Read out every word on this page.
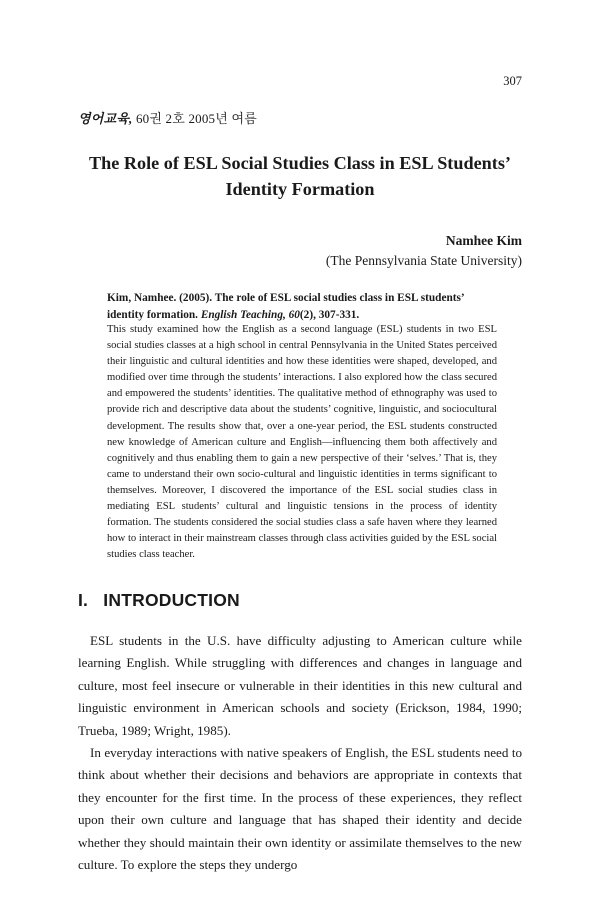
307
영어교육, 60권 2호 2005년 여름
The Role of ESL Social Studies Class in ESL Students’ Identity Formation
Namhee Kim
(The Pennsylvania State University)
Kim, Namhee. (2005). The role of ESL social studies class in ESL students’ identity formation. English Teaching, 60(2), 307-331.
This study examined how the English as a second language (ESL) students in two ESL social studies classes at a high school in central Pennsylvania in the United States perceived their linguistic and cultural identities and how these identities were shaped, developed, and modified over time through the students’ interactions. I also explored how the class secured and empowered the students’ identities. The qualitative method of ethnography was used to provide rich and descriptive data about the students’ cognitive, linguistic, and sociocultural development. The results show that, over a one-year period, the ESL students constructed new knowledge of American culture and English—influencing them both affectively and cognitively and thus enabling them to gain a new perspective of their ‘selves.’ That is, they came to understand their own socio-cultural and linguistic identities in terms significant to themselves. Moreover, I discovered the importance of the ESL social studies class in mediating ESL students’ cultural and linguistic tensions in the process of identity formation. The students considered the social studies class a safe haven where they learned how to interact in their mainstream classes through class activities guided by the ESL social studies class teacher.
I.   INTRODUCTION

ESL students in the U.S. have difficulty adjusting to American culture while learning English. While struggling with differences and changes in language and culture, most feel insecure or vulnerable in their identities in this new cultural and linguistic environment in American schools and society (Erickson, 1984, 1990; Trueba, 1989; Wright, 1985).

In everyday interactions with native speakers of English, the ESL students need to think about whether their decisions and behaviors are appropriate in contexts that they encounter for the first time. In the process of these experiences, they reflect upon their own culture and language that has shaped their identity and decide whether they should maintain their own identity or assimilate themselves to the new culture. To explore the steps they undergo
